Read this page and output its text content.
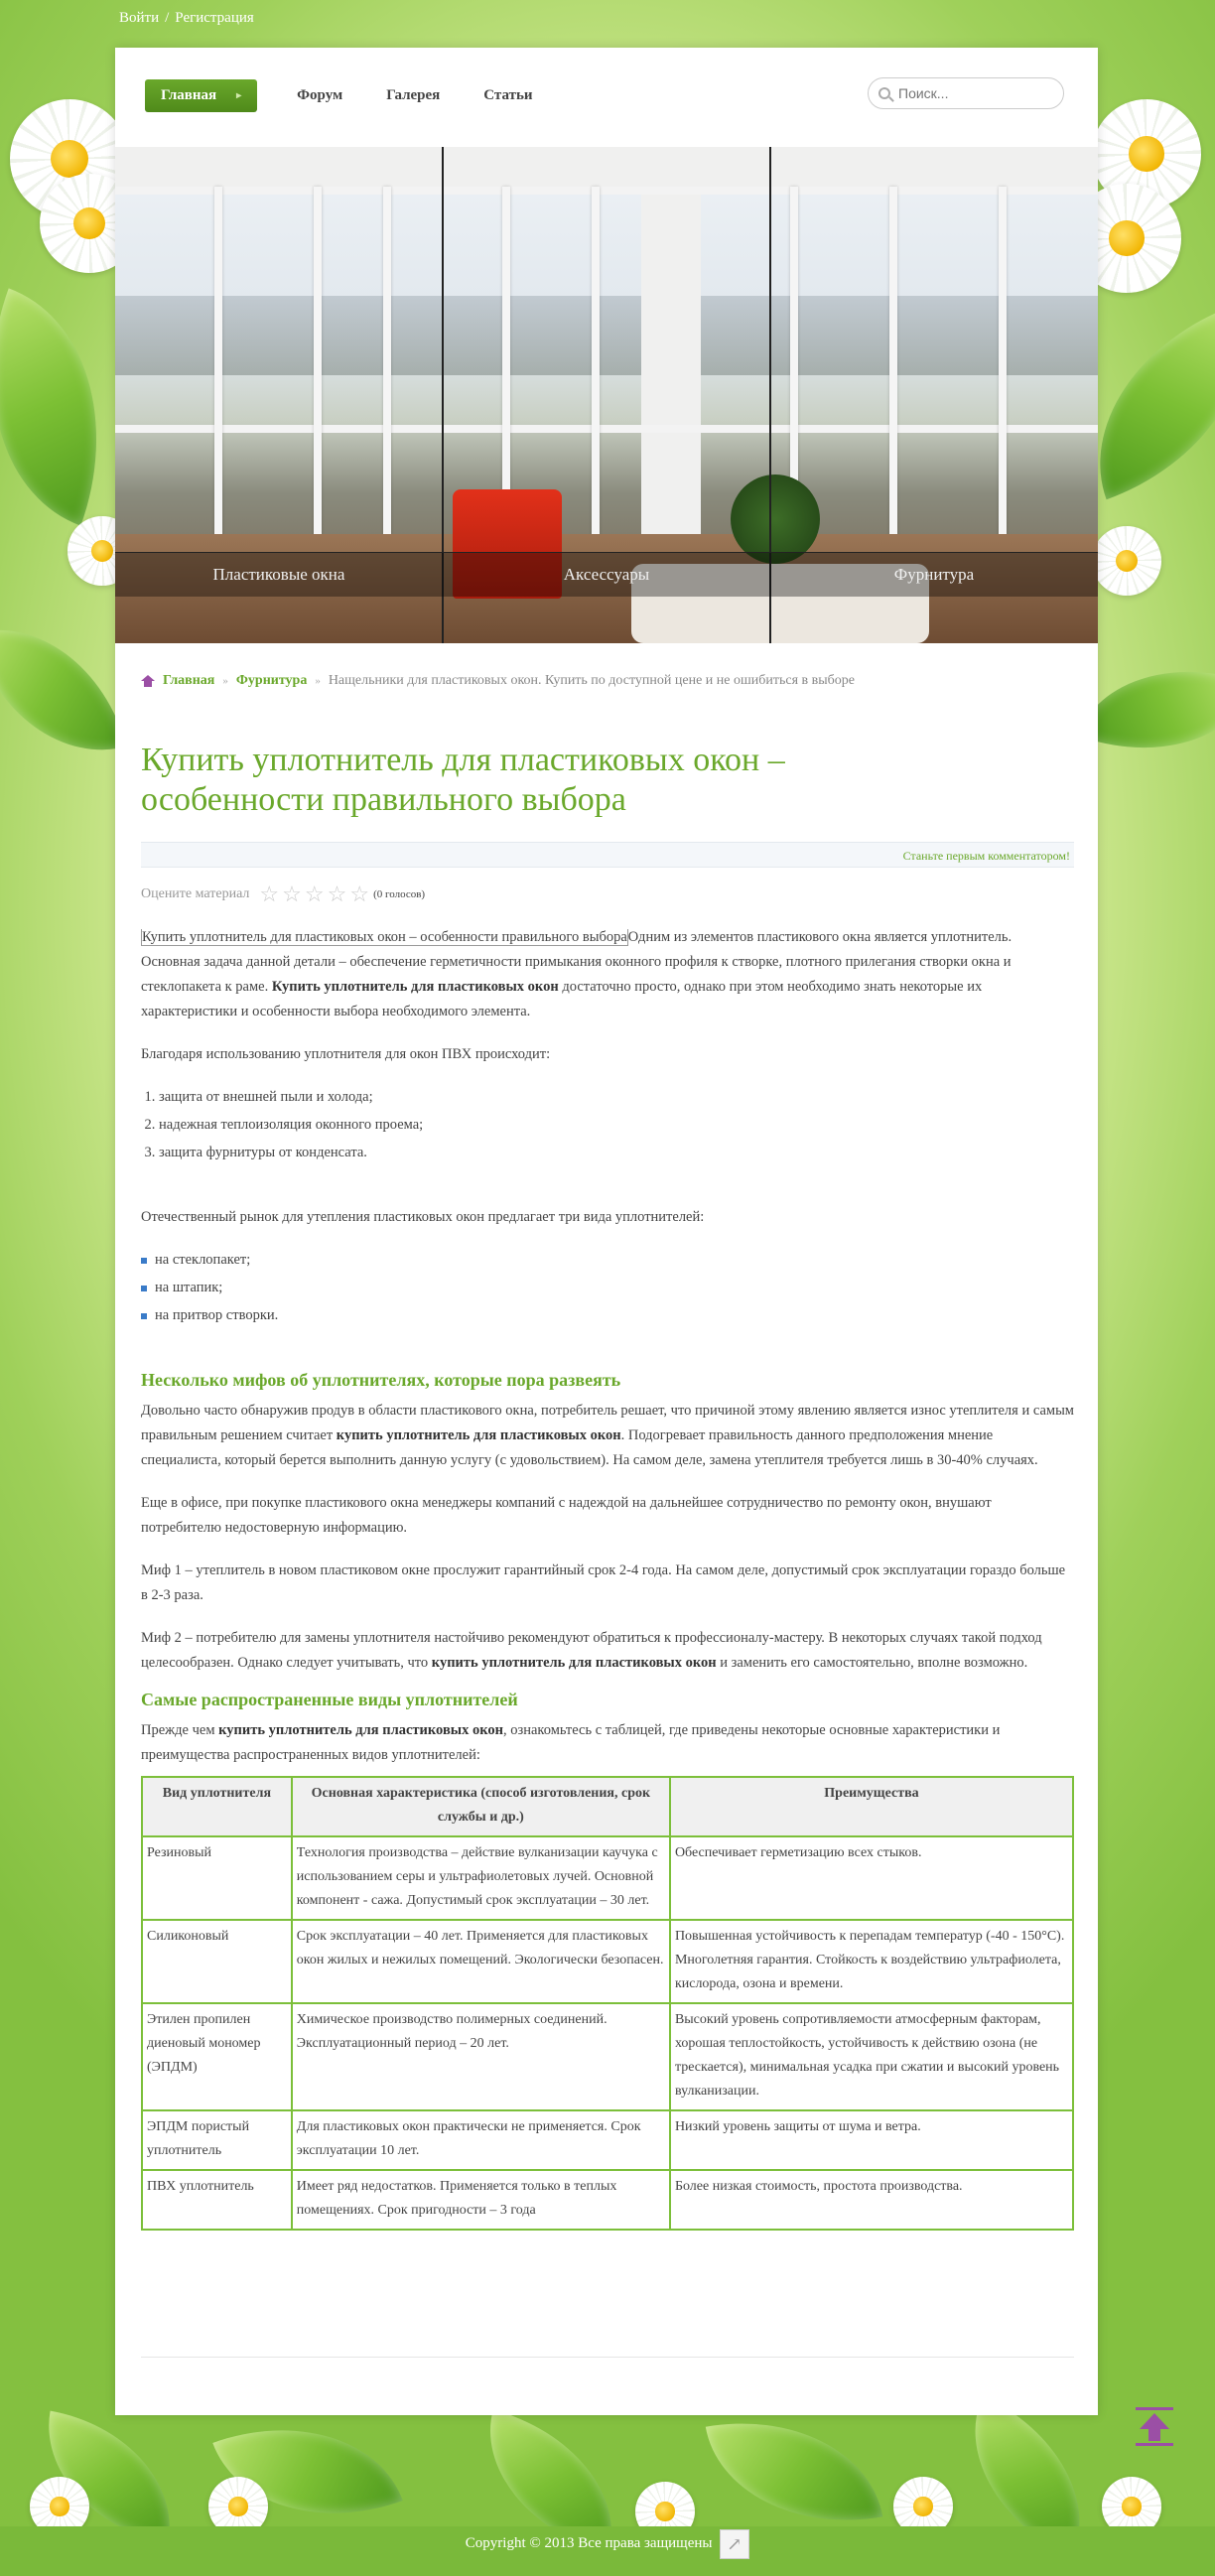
Войти / Регистрация
Главная ▸	Форум	Галерея	Статьи
Поиск...
Пластиковые окна	Аксессуары	Фурнитура
Главная » Фурнитура » Нащельники для пластиковых окон. Купить по доступной цене и не ошибиться в выборе
Купить уплотнитель для пластиковых окон – особенности правильного выбора
Станьте первым комментатором!
Оцените материал ☆ ☆ ☆ ☆ ☆ (0 голосов)

Купить уплотнитель для пластиковых окон – особенности правильного выбораОдним из элементов пластикового окна является уплотнитель. Основная задача данной детали – обеспечение герметичности примыкания оконного профиля к створке, плотного прилегания створки окна и стеклопакета к раме. Купить уплотнитель для пластиковых окон достаточно просто, однако при этом необходимо знать некоторые их характеристики и особенности выбора необходимого элемента.

Благодаря использованию уплотнителя для окон ПВХ происходит:

1. защита от внешней пыли и холода;
2. надежная теплоизоляция оконного проема;
3. защита фурнитуры от конденсата.

Отечественный рынок для утепления пластиковых окон предлагает три вида уплотнителей:

на стеклопакет;
на штапик;
на притвор створки.
Несколько мифов об уплотнителях, которые пора развеять

Довольно часто обнаружив продув в области пластикового окна, потребитель решает, что причиной этому явлению является износ утеплителя и самым правильным решением считает купить уплотнитель для пластиковых окон. Подогревает правильность данного предположения мнение специалиста, который берется выполнить данную услугу (с удовольствием). На самом деле, замена утеплителя требуется лишь в 30-40% случаях.

Еще в офисе, при покупке пластикового окна менеджеры компаний с надеждой на дальнейшее сотрудничество по ремонту окон, внушают потребителю недостоверную информацию.

Миф 1 – утеплитель в новом пластиковом окне прослужит гарантийный срок 2-4 года. На самом деле, допустимый срок эксплуатации гораздо больше в 2-3 раза.

Миф 2 – потребителю для замены уплотнителя настойчиво рекомендуют обратиться к профессионалу-мастеру. В некоторых случаях такой подход целесообразен. Однако следует учитывать, что купить уплотнитель для пластиковых окон и заменить его самостоятельно, вполне возможно.

Самые распространенные виды уплотнителей

Прежде чем купить уплотнитель для пластиковых окон, ознакомьтесь с таблицей, где приведены некоторые основные характеристики и преимущества распространенных видов уплотнителей:

Вид уплотнителя	Основная характеристика (способ изготовления, срок службы и др.)	Преимущества
Резиновый	Технология производства – действие вулканизации каучука с использованием серы и ультрафиолетовых лучей. Основной компонент - сажа. Допустимый срок эксплуатации – 30 лет.	Обеспечивает герметизацию всех стыков.
Силиконовый	Срок эксплуатации – 40 лет. Применяется для пластиковых окон жилых и нежилых помещений. Экологически безопасен.	Повышенная устойчивость к перепадам температур (-40 - 150°С). Многолетняя гарантия. Стойкость к воздействию ультрафиолета, кислорода, озона и времени.
Этилен пропилен диеновый мономер (ЭПДМ)	Химическое производство полимерных соединений. Эксплуатационный период – 20 лет.	Высокий уровень сопротивляемости атмосферным факторам, хорошая теплостойкость, устойчивость к действию озона (не трескается), минимальная усадка при сжатии и высокий уровень вулканизации.
ЭПДМ пористый уплотнитель	Для пластиковых окон практически не применяется. Срок эксплуатации 10 лет.	Низкий уровень защиты от шума и ветра.
ПВХ уплотнитель	Имеет ряд недостатков. Применяется только в теплых помещениях. Срок пригодности – 3 года	Более низкая стоимость, простота производства.
Copyright © 2013 Все права защищены ↗
